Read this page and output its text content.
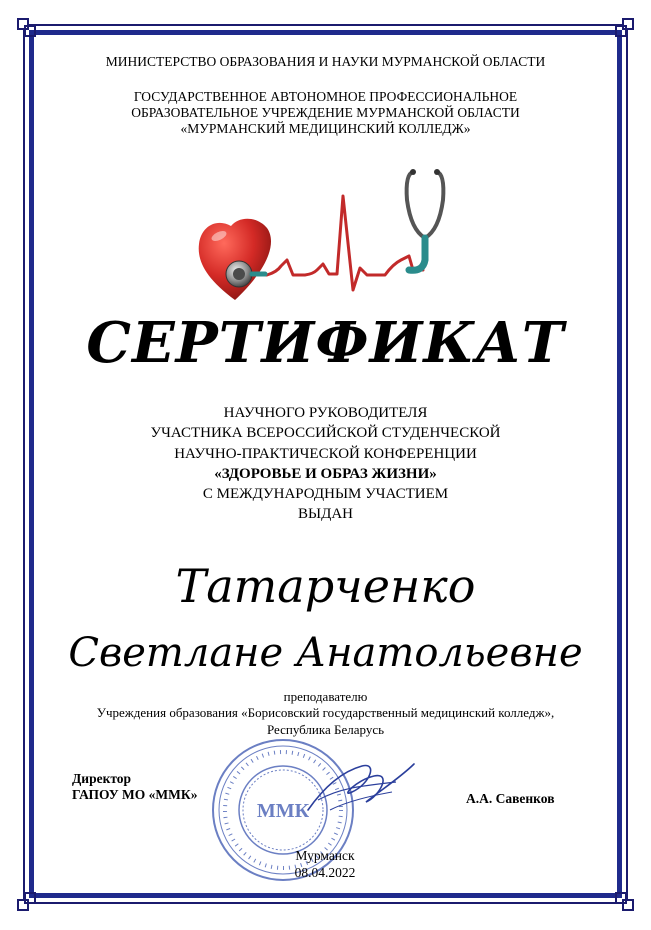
МИНИСТЕРСТВО ОБРАЗОВАНИЯ И НАУКИ МУРМАНСКОЙ ОБЛАСТИ
ГОСУДАРСТВЕННОЕ АВТОНОМНОЕ ПРОФЕССИОНАЛЬНОЕ
ОБРАЗОВАТЕЛЬНОЕ УЧРЕЖДЕНИЕ МУРМАНСКОЙ ОБЛАСТИ
«МУРМАНСКИЙ МЕДИЦИНСКИЙ КОЛЛЕДЖ»
СЕРТИФИКАТ
НАУЧНОГО РУКОВОДИТЕЛЯ
УЧАСТНИКА ВСЕРОССИЙСКОЙ СТУДЕНЧЕСКОЙ
НАУЧНО-ПРАКТИЧЕСКОЙ КОНФЕРЕНЦИИ
«ЗДОРОВЬЕ И ОБРАЗ ЖИЗНИ»
С МЕЖДУНАРОДНЫМ УЧАСТИЕМ
ВЫДАН
Татарченко
Светлане Анатольевне
преподавателю
Учреждения образования «Борисовский государственный медицинский колледж»,
Республика Беларусь
ММК
Директор
ГАПОУ МО «ММК»	А.А. Савенков
Мурманск
08.04.2022
